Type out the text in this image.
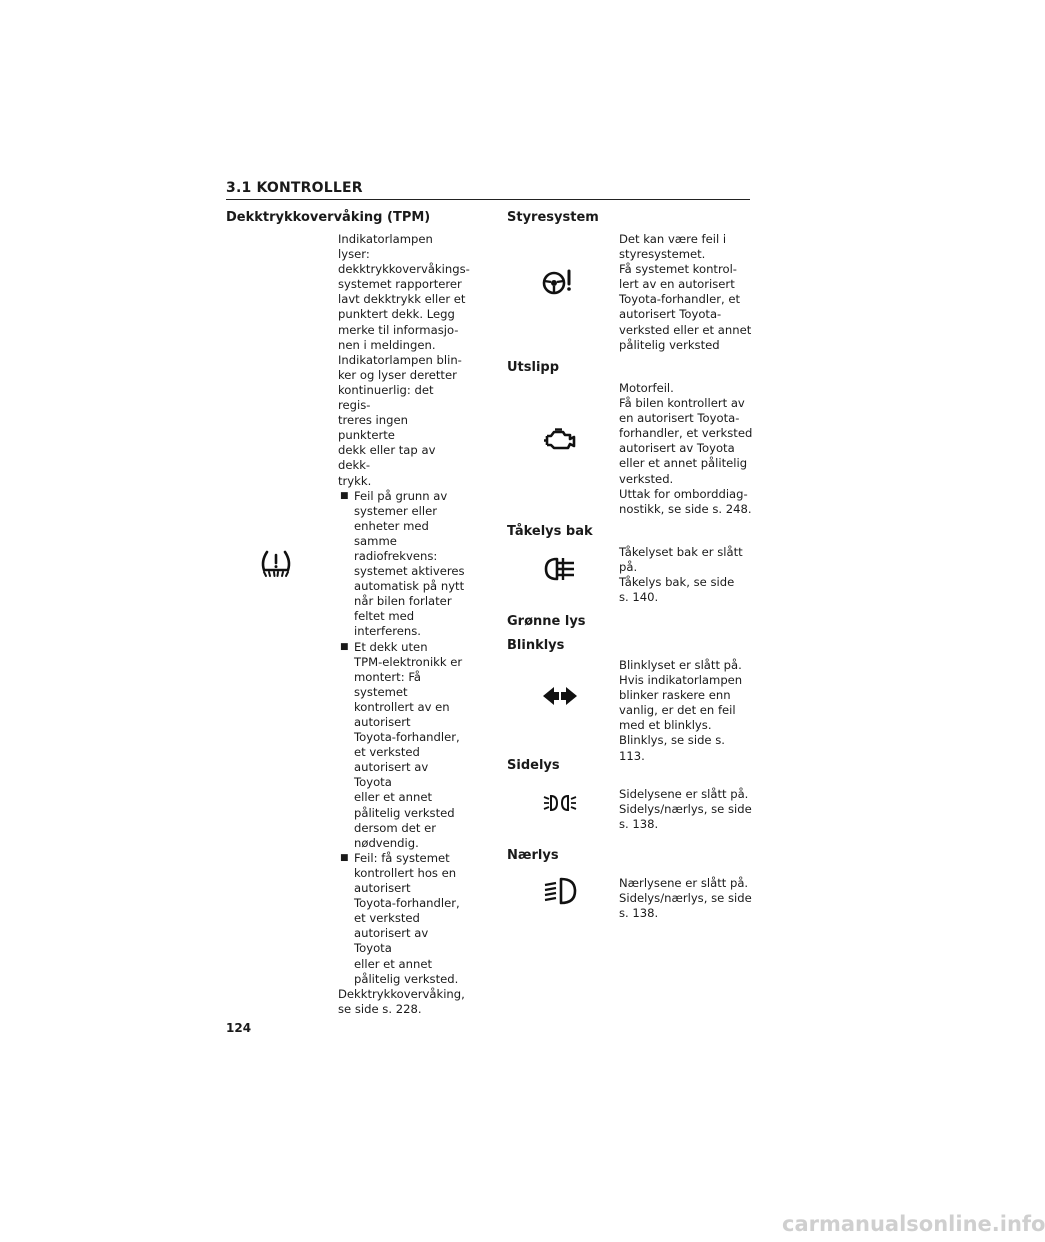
3.1 KONTROLLER
Dekktrykkovervåking (TPM)

Indikatorlampen lyser:

dekktrykkovervåkings-

systemet rapporterer

lavt dekktrykk eller et

punktert dekk. Legg

merke til informasjo-

nen i meldingen.

Indikatorlampen blin-

ker og lyser deretter

kontinuerlig: det regis-

treres ingen punkterte

dekk eller tap av dekk-

trykk.

■ Feil på grunn av

systemer eller

enheter med

samme

radiofrekvens:

systemet aktiveres

automatisk på nytt

når bilen forlater

feltet med

interferens.

■ Et dekk uten

TPM-elektronikk er

montert: Få

systemet

kontrollert av en

autorisert

Toyota-forhandler,

et verksted

autorisert av Toyota

eller et annet

pålitelig verksted

dersom det er

nødvendig.

■ Feil: få systemet

kontrollert hos en

autorisert

Toyota-forhandler,

et verksted

autorisert av Toyota

eller et annet

pålitelig verksted.

Dekktrykkovervåking,

se side s. 228.

Styresystem

Det kan være feil i

styresystemet.

Få systemet kontrol-

lert av en autorisert

Toyota-forhandler, et

autorisert Toyota-

verksted eller et annet

pålitelig verksted

Utslipp

Motorfeil.

Få bilen kontrollert av

en autorisert Toyota-

forhandler, et verksted

autorisert av Toyota

eller et annet pålitelig

verksted.

Uttak for omborddiag-

nostikk, se side s. 248.

Tåkelys bak

Tåkelyset bak er slått

på.

Tåkelys bak, se side

s. 140.

Grønne lys
Blinklys

Blinklyset er slått på.

Hvis indikatorlampen

blinker raskere enn

vanlig, er det en feil

med et blinklys.

Blinklys, se side s. 113.

Sidelys

Sidelysene er slått på.

Sidelys/nærlys, se side

s. 138.

Nærlys

Nærlysene er slått på.

Sidelys/nærlys, se side

s. 138.

124
carmanualsonline.info
